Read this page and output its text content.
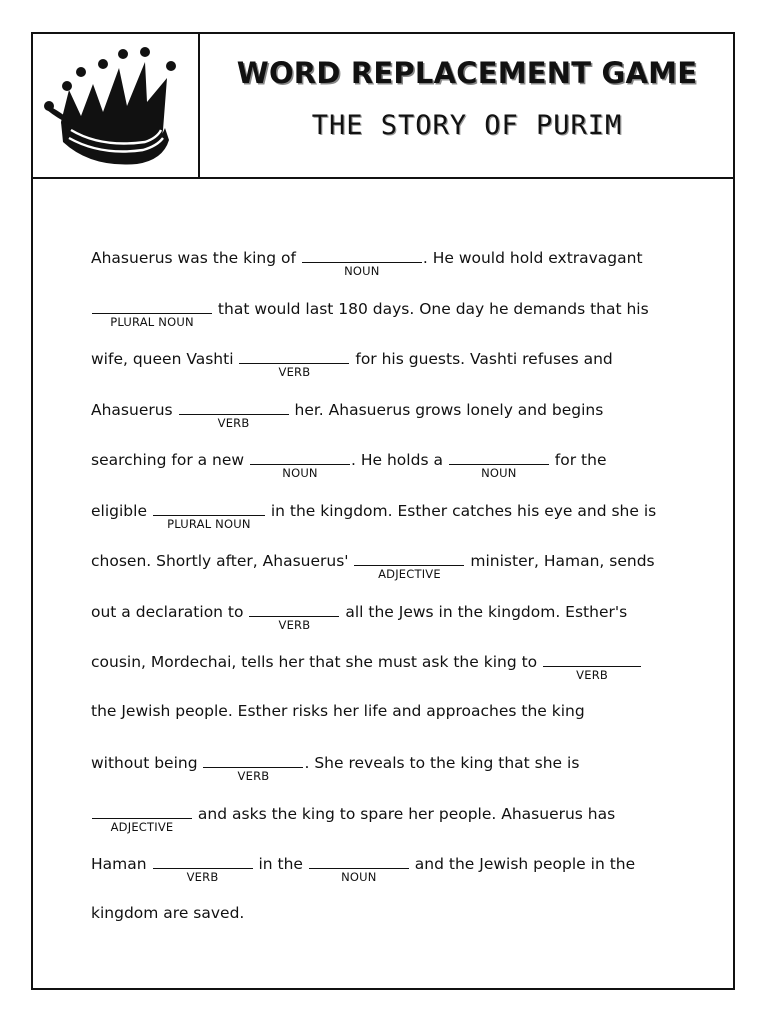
WORD REPLACEMENT GAME
THE STORY OF PURIM
Ahasuerus was the king of
NOUN
. He would hold extravagant
PLURAL NOUN
that would last 180 days. One day he demands that his
wife, queen Vashti
VERB
for his guests. Vashti refuses and
Ahasuerus
VERB
her. Ahasuerus grows lonely and begins
searching for a new
NOUN
. He holds a
NOUN
for the
eligible
PLURAL NOUN
in the kingdom. Esther catches his eye and she is
chosen. Shortly after, Ahasuerus'
ADJECTIVE
minister, Haman, sends
out a declaration to
VERB
all the Jews in the kingdom. Esther's
cousin, Mordechai, tells her that she must ask the king to
VERB
the Jewish people. Esther risks her life and approaches the king
without being
VERB
. She reveals to the king that she is
ADJECTIVE
and asks the king to spare her people. Ahasuerus has
Haman
VERB
in the
NOUN
and the Jewish people in the
kingdom are saved.
